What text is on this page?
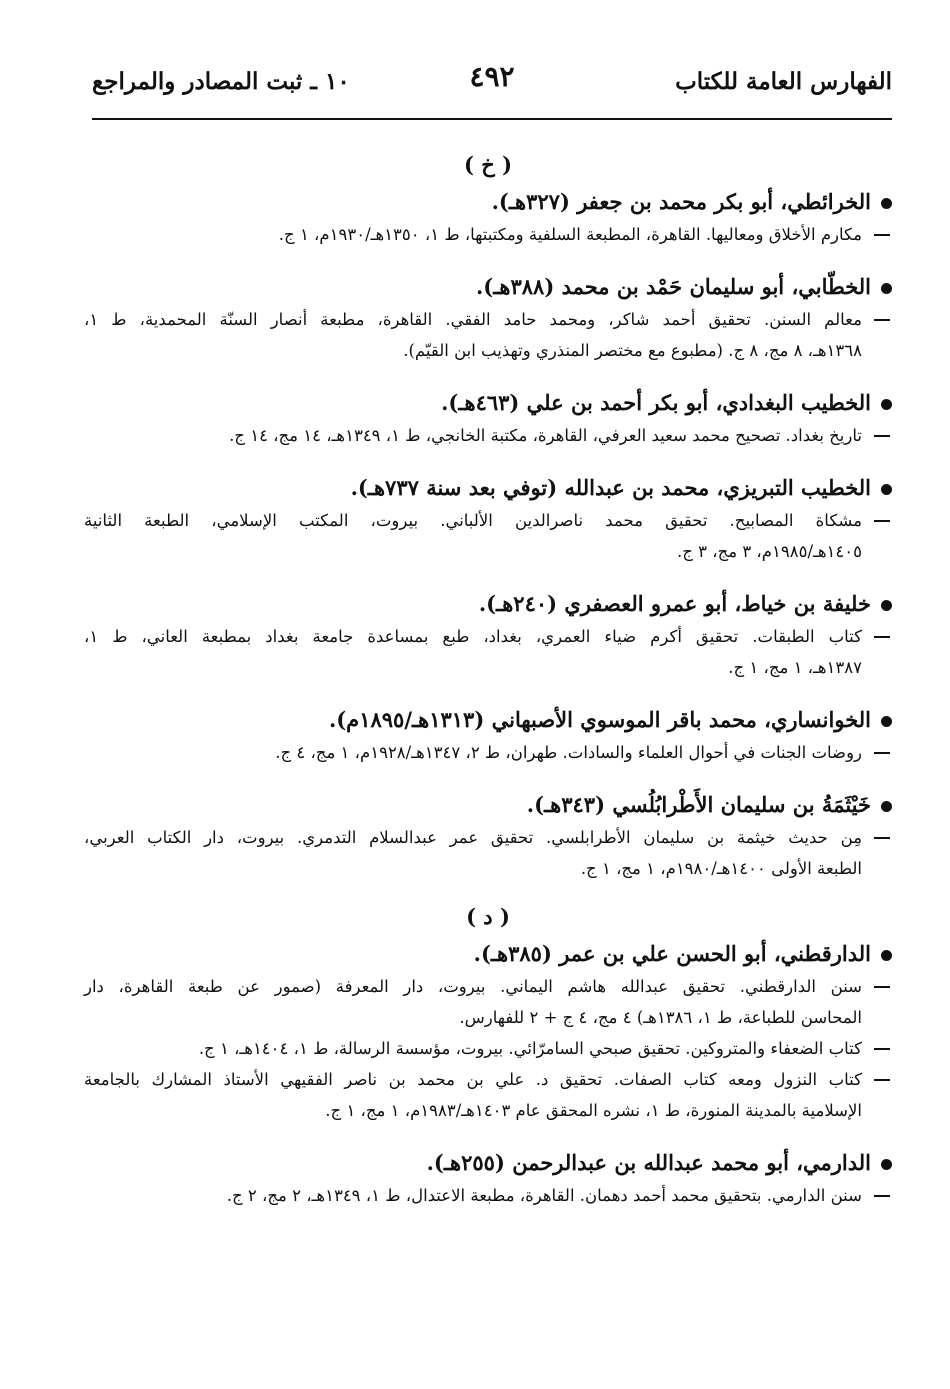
الفهارس العامة للكتاب
٤٩٢
١٠ ـ ثبت المصادر والمراجع
( خ )
الخرائطي، أبو بكر محمد بن جعفر (٣٢٧هـ).
مكارم الأخلاق ومعاليها. القاهرة، المطبعة السلفية ومكتبتها، ط ١، ١٣٥٠هـ/١٩٣٠م، ١ ج.
الخطّابي، أبو سليمان حَمْد بن محمد (٣٨٨هـ).
معالم السنن. تحقيق أحمد شاكر، ومحمد حامد الفقي. القاهرة، مطبعة أنصار السنّة المحمدية، ط ١،
١٣٦٨هـ، ٨ مج، ٨ ج. (مطبوع مع مختصر المنذري وتهذيب ابن القيّم).
الخطيب البغدادي، أبو بكر أحمد بن علي (٤٦٣هـ).
تاريخ بغداد. تصحيح محمد سعيد العرفي، القاهرة، مكتبة الخانجي، ط ١، ١٣٤٩هـ، ١٤ مج، ١٤ ج.
الخطيب التبريزي، محمد بن عبدالله (توفي بعد سنة ٧٣٧هـ).
مشكاة المصابيح. تحقيق محمد ناصرالدين الألباني. بيروت، المكتب الإسلامي، الطبعة الثانية
١٤٠٥هـ/١٩٨٥م، ٣ مج، ٣ ج.
خليفة بن خياط، أبو عمرو العصفري (٢٤٠هـ).
كتاب الطبقات. تحقيق أكرم ضياء العمري، بغداد، طبع بمساعدة جامعة بغداد بمطبعة العاني، ط ١،
١٣٨٧هـ، ١ مج، ١ ج.
الخوانساري، محمد باقر الموسوي الأصبهاني (١٣١٣هـ/١٨٩٥م).
روضات الجنات في أحوال العلماء والسادات. طهران، ط ٢، ١٣٤٧هـ/١٩٢٨م، ١ مج، ٤ ج.
خَيْثَمَةُ بن سليمان الأَطْرابُلُسي (٣٤٣هـ).
مِن حديث خيثمة بن سليمان الأطرابلسي. تحقيق عمر عبدالسلام التدمري. بيروت، دار الكتاب العربي،
الطبعة الأولى ١٤٠٠هـ/١٩٨٠م، ١ مج، ١ ج.
( د )
الدارقطني، أبو الحسن علي بن عمر (٣٨٥هـ).
سنن الدارقطني. تحقيق عبدالله هاشم اليماني. بيروت، دار المعرفة (صمور عن طبعة القاهرة، دار
المحاسن للطباعة، ط ١، ١٣٨٦هـ) ٤ مج، ٤ ج + ٢ للفهارس.
كتاب الضعفاء والمتروكين. تحقيق صبحي السامرّائي. بيروت، مؤسسة الرسالة، ط ١، ١٤٠٤هـ، ١ ج.
كتاب النزول ومعه كتاب الصفات. تحقيق د. علي بن محمد بن ناصر الفقيهي الأستاذ المشارك بالجامعة
الإسلامية بالمدينة المنورة، ط ١، نشره المحقق عام ١٤٠٣هـ/١٩٨٣م، ١ مج، ١ ج.
الدارمي، أبو محمد عبدالله بن عبدالرحمن (٢٥٥هـ).
سنن الدارمي. بتحقيق محمد أحمد دهمان. القاهرة، مطبعة الاعتدال، ط ١، ١٣٤٩هـ، ٢ مج، ٢ ج.
